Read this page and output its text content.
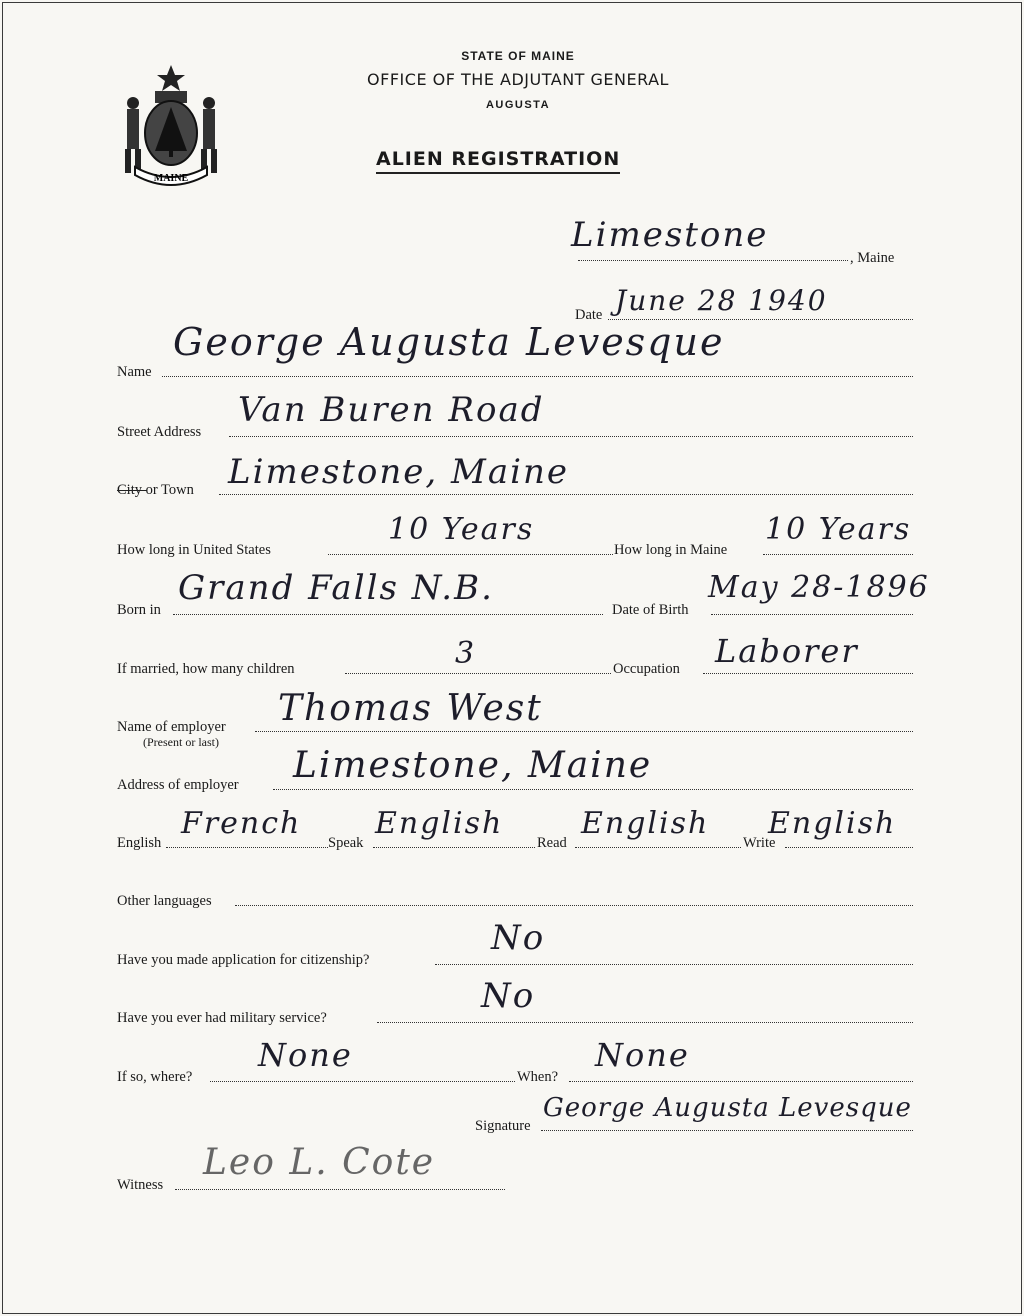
MAINE
STATE OF MAINE
OFFICE OF THE ADJUTANT GENERAL
AUGUSTA
ALIEN REGISTRATION
Limestone
, Maine
Date June 28 1940
Name
George Augusta Levesque
Street Address
Van Buren Road
City or Town Limestone, Maine
How long in United States
10 Years
How long in Maine
10 Years
Born in
Grand Falls N.B.
Date of Birth
May 28-1896
If married, how many children	3	Occupation Laborer
Name of employer
(Present or last)
Thomas West
Address of employer Limestone, Maine
English
French
Speak
English
Read
English
Write
English
Other languages
Have you made application for citizenship?
No
Have you ever had military service?
No
If so, where?
None
When?
None
Signature
George Augusta Levesque
Witness
Leo L. Cote
